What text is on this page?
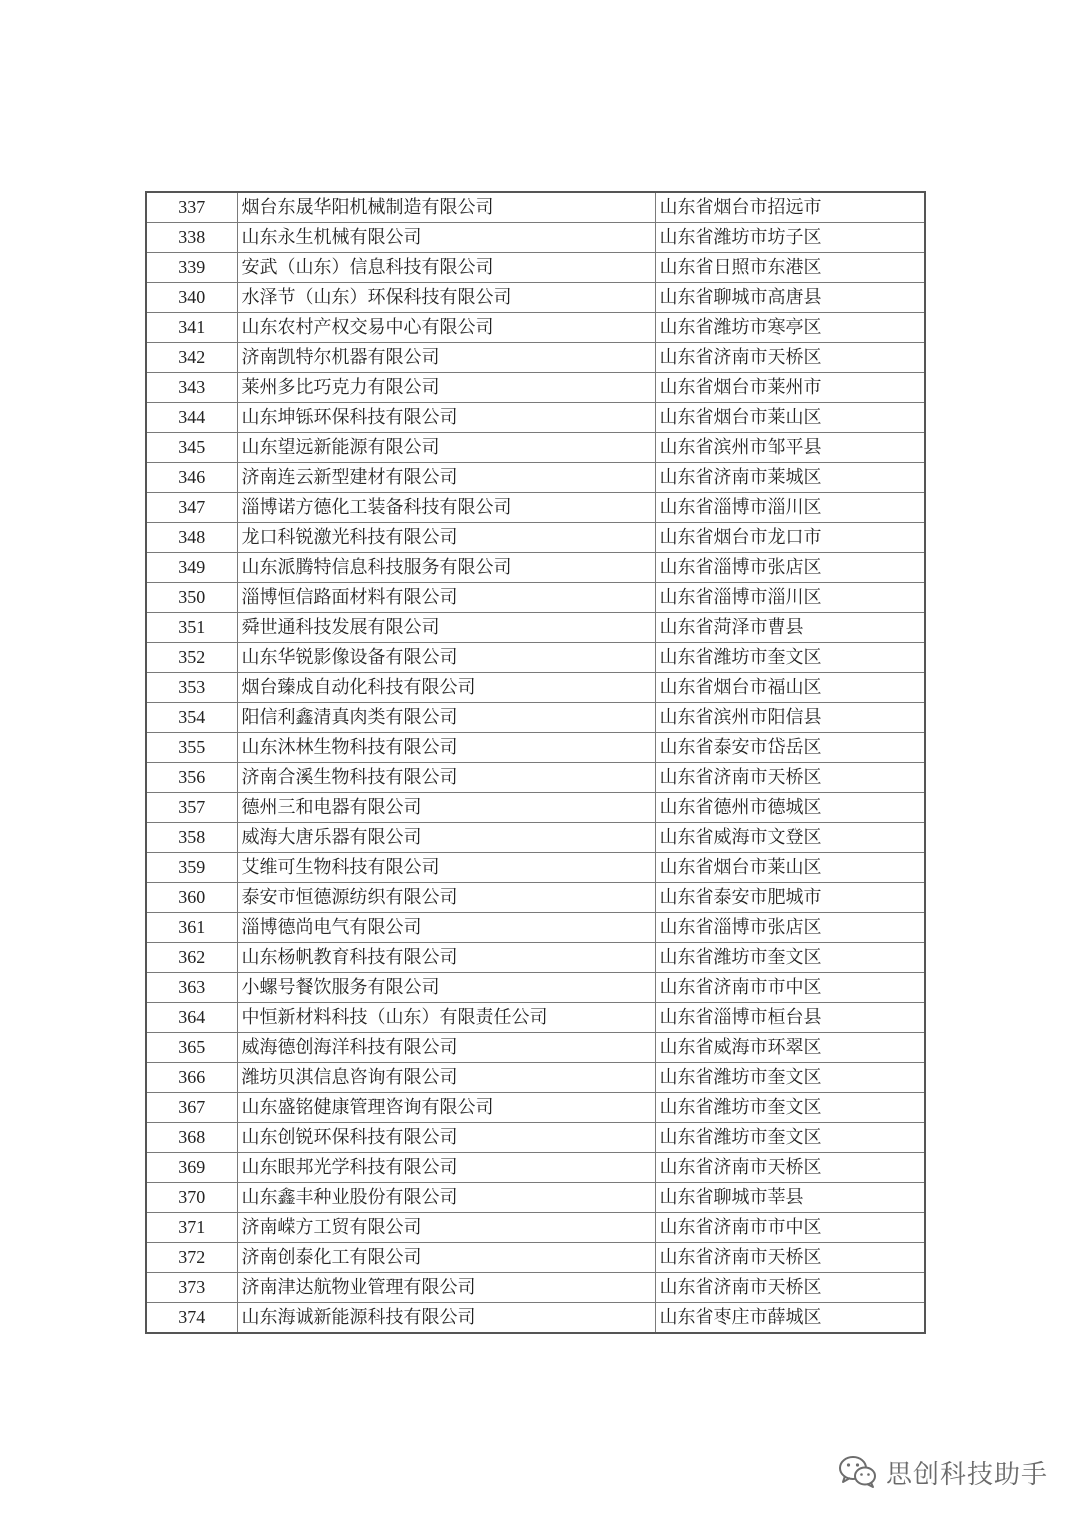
337	烟台东晟华阳机械制造有限公司	山东省烟台市招远市
338	山东永生机械有限公司	山东省潍坊市坊子区
339	安武（山东）信息科技有限公司	山东省日照市东港区
340	水泽节（山东）环保科技有限公司	山东省聊城市高唐县
341	山东农村产权交易中心有限公司	山东省潍坊市寒亭区
342	济南凯特尔机器有限公司	山东省济南市天桥区
343	莱州多比巧克力有限公司	山东省烟台市莱州市
344	山东坤铄环保科技有限公司	山东省烟台市莱山区
345	山东望远新能源有限公司	山东省滨州市邹平县
346	济南连云新型建材有限公司	山东省济南市莱城区
347	淄博诺方德化工装备科技有限公司	山东省淄博市淄川区
348	龙口科锐激光科技有限公司	山东省烟台市龙口市
349	山东派腾特信息科技服务有限公司	山东省淄博市张店区
350	淄博恒信路面材料有限公司	山东省淄博市淄川区
351	舜世通科技发展有限公司	山东省菏泽市曹县
352	山东华锐影像设备有限公司	山东省潍坊市奎文区
353	烟台臻成自动化科技有限公司	山东省烟台市福山区
354	阳信利鑫清真肉类有限公司	山东省滨州市阳信县
355	山东沐林生物科技有限公司	山东省泰安市岱岳区
356	济南合溪生物科技有限公司	山东省济南市天桥区
357	德州三和电器有限公司	山东省德州市德城区
358	威海大唐乐器有限公司	山东省威海市文登区
359	艾维可生物科技有限公司	山东省烟台市莱山区
360	泰安市恒德源纺织有限公司	山东省泰安市肥城市
361	淄博德尚电气有限公司	山东省淄博市张店区
362	山东杨帆教育科技有限公司	山东省潍坊市奎文区
363	小螺号餐饮服务有限公司	山东省济南市市中区
364	中恒新材料科技（山东）有限责任公司	山东省淄博市桓台县
365	威海德创海洋科技有限公司	山东省威海市环翠区
366	潍坊贝淇信息咨询有限公司	山东省潍坊市奎文区
367	山东盛铭健康管理咨询有限公司	山东省潍坊市奎文区
368	山东创锐环保科技有限公司	山东省潍坊市奎文区
369	山东眼邦光学科技有限公司	山东省济南市天桥区
370	山东鑫丰种业股份有限公司	山东省聊城市莘县
371	济南嵘方工贸有限公司	山东省济南市市中区
372	济南创泰化工有限公司	山东省济南市天桥区
373	济南津达航物业管理有限公司	山东省济南市天桥区
374	山东海诚新能源科技有限公司	山东省枣庄市薛城区
思创科技助手
